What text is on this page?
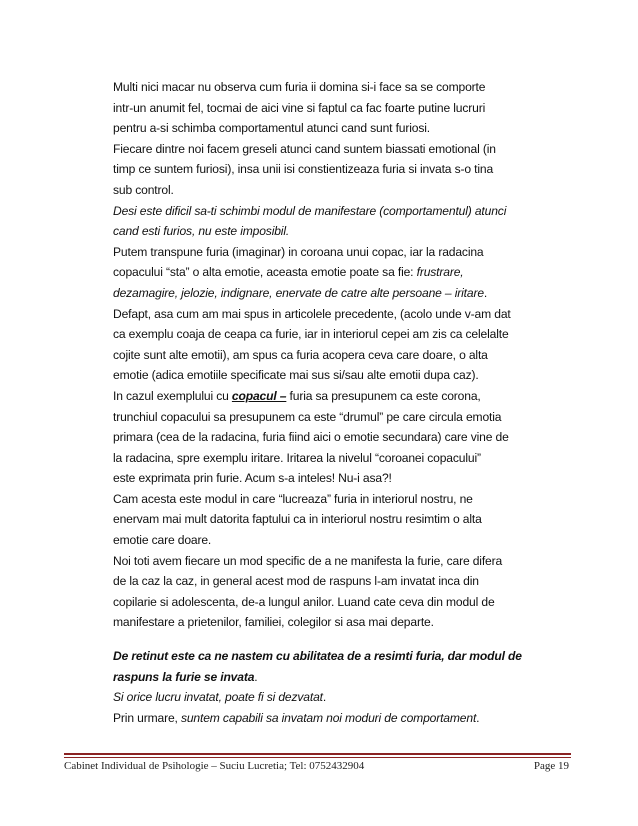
Multi nici macar nu observa cum furia ii domina si-i face sa se comporte
intr-un anumit fel, tocmai de aici vine si faptul ca fac foarte putine lucruri
pentru a-si schimba comportamentul atunci cand sunt furiosi.

Fiecare dintre noi facem greseli atunci cand suntem biassati emotional (in
timp ce suntem furiosi), insa unii isi constientizeaza furia si invata s-o tina
sub control.

Desi este dificil sa-ti schimbi modul de manifestare (comportamentul) atunci
cand esti furios, nu este imposibil.

Putem transpune furia (imaginar) in coroana unui copac, iar la radacina
copacului “sta” o alta emotie, aceasta emotie poate sa fie: frustrare,
dezamagire, jelozie, indignare, enervate de catre alte persoane – iritare.

Defapt, asa cum am mai spus in articolele precedente, (acolo unde v-am dat
ca exemplu coaja de ceapa ca furie, iar in interiorul cepei am zis ca celelalte
cojite sunt alte emotii), am spus ca furia acopera ceva care doare, o alta
emotie (adica emotiile specificate mai sus si/sau alte emotii dupa caz).

In cazul exemplului cu copacul – furia sa presupunem ca este corona,
trunchiul copacului sa presupunem ca este “drumul” pe care circula emotia
primara (cea de la radacina, furia fiind aici o emotie secundara) care vine de
la radacina, spre exemplu iritare. Iritarea la nivelul “coroanei copacului”
este exprimata prin furie. Acum s-a inteles! Nu-i asa?!

Cam acesta este modul in care “lucreaza” furia in interiorul nostru, ne
enervam mai mult datorita faptului ca in interiorul nostru resimtim o alta
emotie care doare.

Noi toti avem fiecare un mod specific de a ne manifesta la furie, care difera
de la caz la caz, in general acest mod de raspuns l-am invatat inca din
copilarie si adolescenta, de-a lungul anilor. Luand cate ceva din modul de
manifestare a prietenilor, familiei, colegilor si asa mai departe.

De retinut este ca ne nastem cu abilitatea de a resimti furia, dar modul de
raspuns la furie se invata.

Si orice lucru invatat, poate fi si dezvatat.

Prin urmare, suntem capabili sa invatam noi moduri de comportament.

Cabinet Individual de Psihologie – Suciu Lucretia; Tel: 0752432904	Page 19
